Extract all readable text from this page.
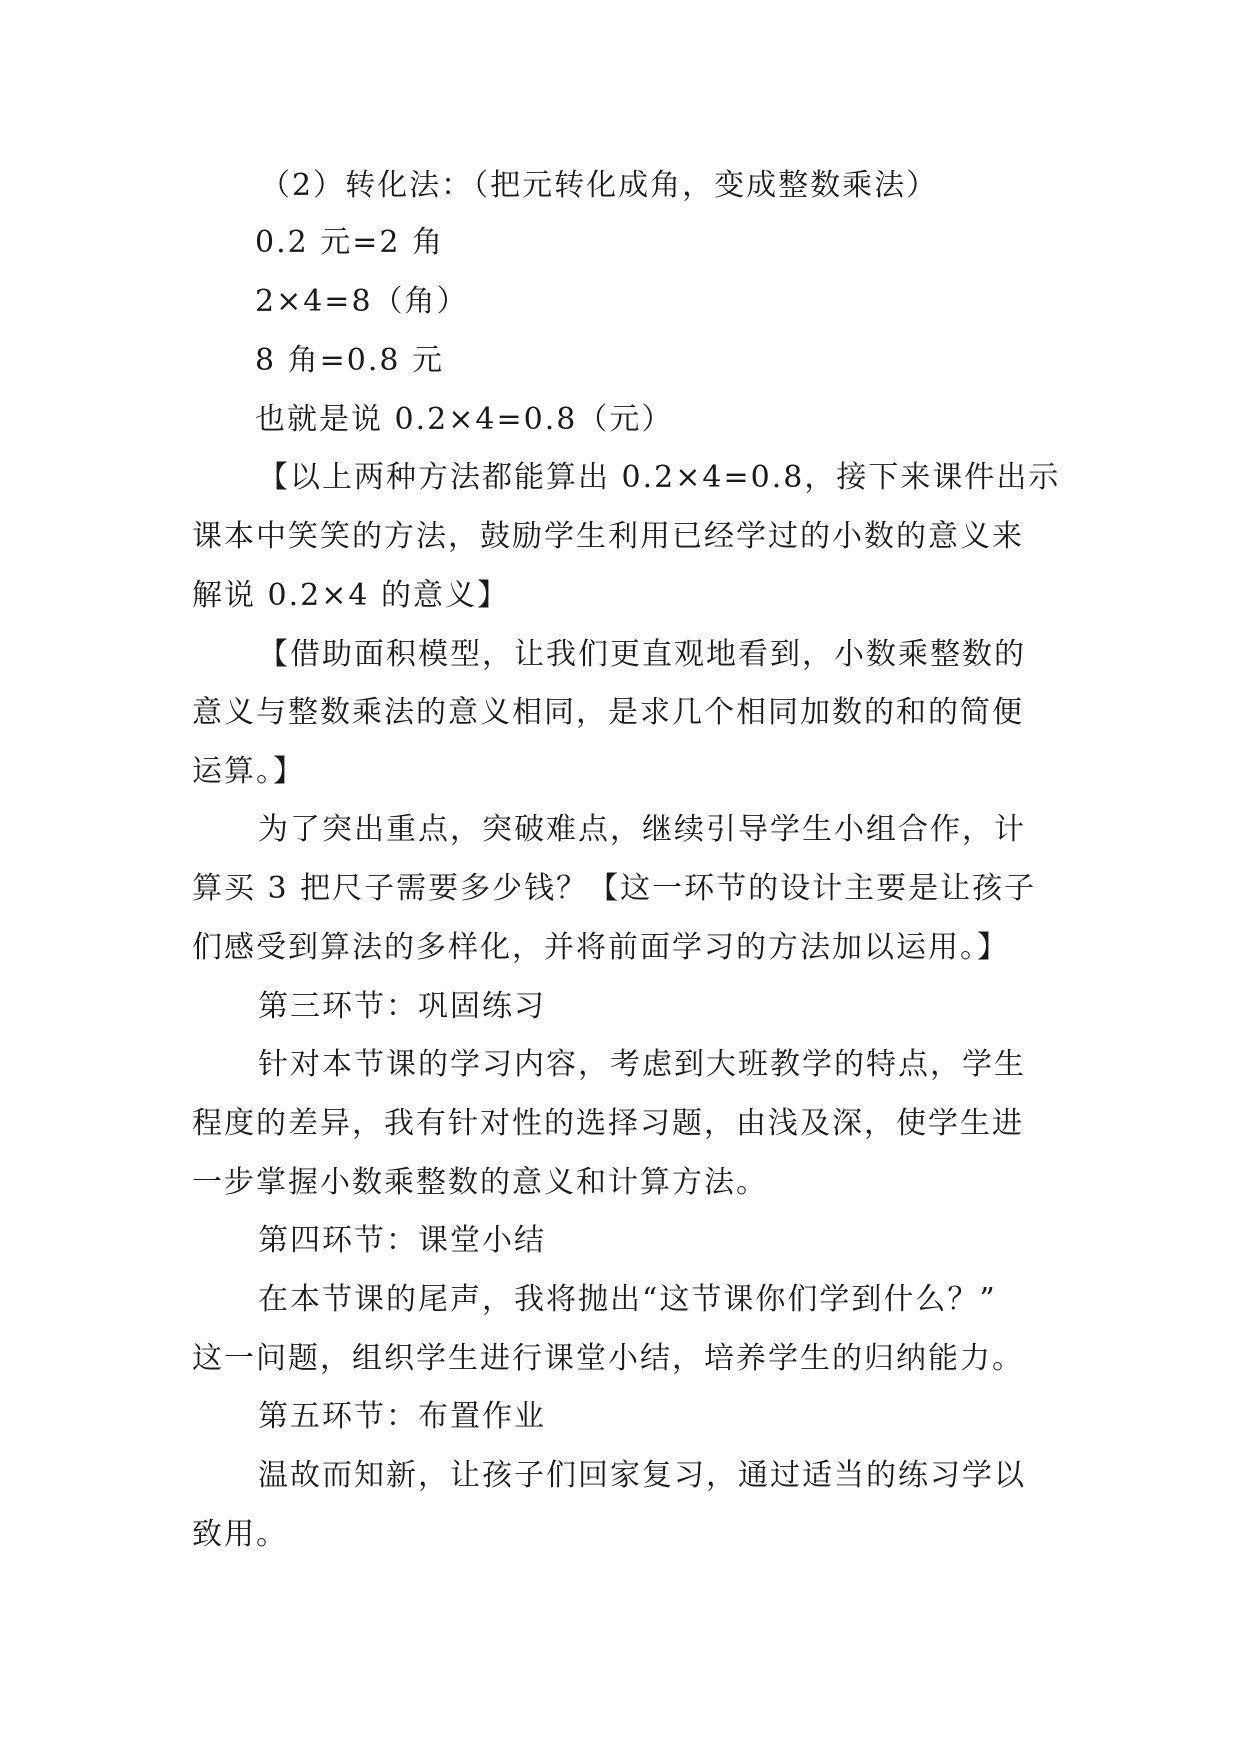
（2）转化法：（把元转化成角，变成整数乘法）
0.2 元=2 角
2×4=8（角）
8 角=0.8 元
也就是说 0.2×4=0.8（元）
【以上两种方法都能算出 0.2×4=0.8，接下来课件出示
课本中笑笑的方法，鼓励学生利用已经学过的小数的意义来
解说 0.2×4 的意义】
【借助面积模型，让我们更直观地看到，小数乘整数的
意义与整数乘法的意义相同，是求几个相同加数的和的简便
运算。】
为了突出重点，突破难点，继续引导学生小组合作，计
算买 3 把尺子需要多少钱？【这一环节的设计主要是让孩子
们感受到算法的多样化，并将前面学习的方法加以运用。】
第三环节：巩固练习
针对本节课的学习内容，考虑到大班教学的特点，学生
程度的差异，我有针对性的选择习题，由浅及深，使学生进
一步掌握小数乘整数的意义和计算方法。
第四环节：课堂小结
在本节课的尾声，我将抛出“这节课你们学到什么？”
这一问题，组织学生进行课堂小结，培养学生的归纳能力。
第五环节：布置作业
温故而知新，让孩子们回家复习，通过适当的练习学以
致用。
